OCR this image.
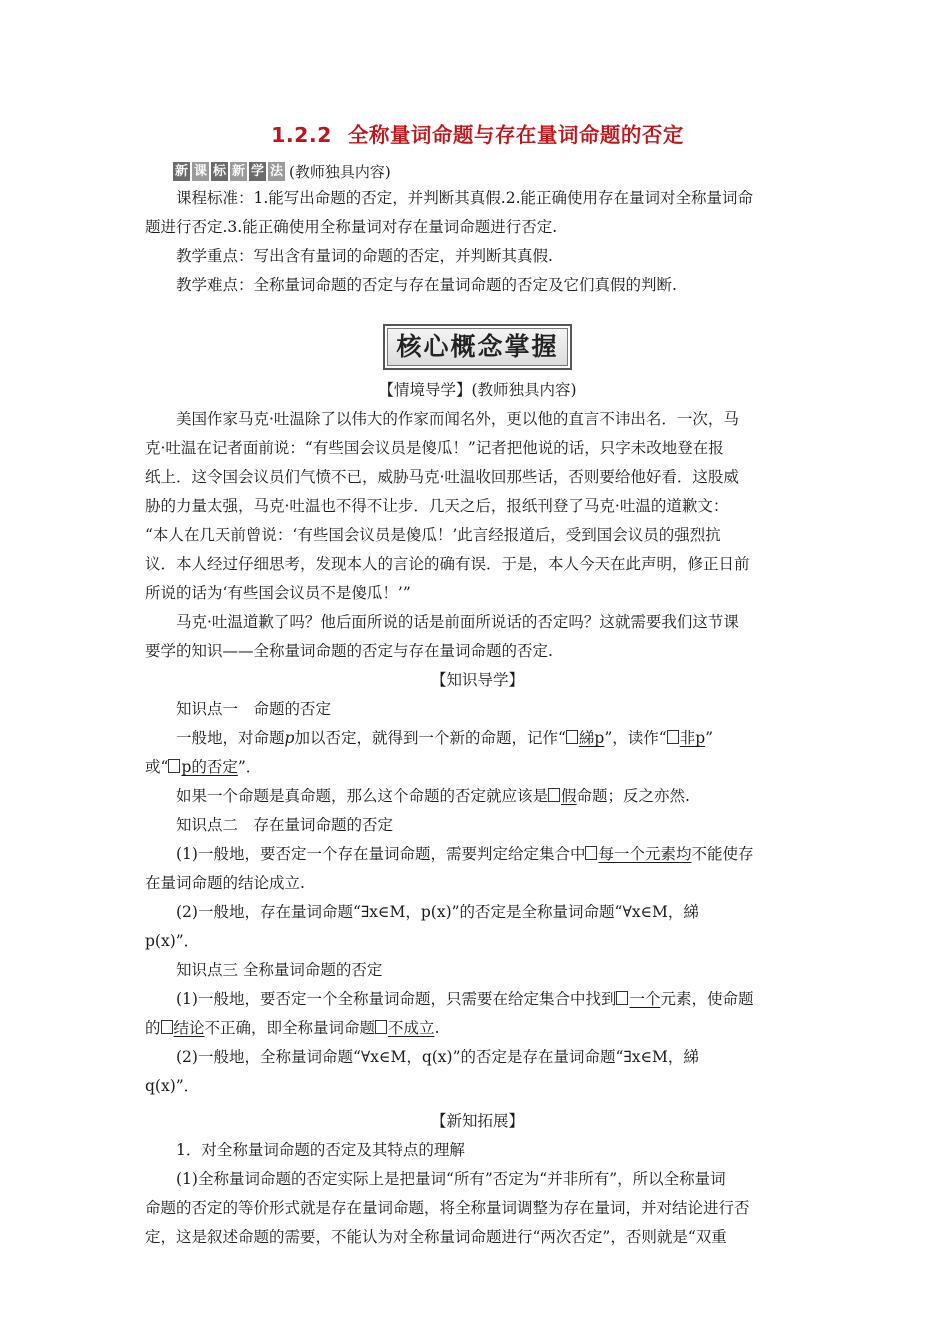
1.2.2 全称量词命题与存在量词命题的否定
新 课 标 新 学 法 (教师独具内容)

课程标准：1.能写出命题的否定，并判断其真假.2.能正确使用存在量词对全称量词命

题进行否定.3.能正确使用全称量词对存在量词命题进行否定.

教学重点：写出含有量词的命题的否定，并判断其真假.

教学难点：全称量词命题的否定与存在量词命题的否定及它们真假的判断.

核心概念掌握

【情境导学】(教师独具内容)

美国作家马克·吐温除了以伟大的作家而闻名外，更以他的直言不讳出名．一次，马

克·吐温在记者面前说：“有些国会议员是傻瓜！”记者把他说的话，只字未改地登在报

纸上．这令国会议员们气愤不已，威胁马克·吐温收回那些话，否则要给他好看．这股威

胁的力量太强，马克·吐温也不得不让步．几天之后，报纸刊登了马克·吐温的道歉文：

“本人在几天前曾说：‘有些国会议员是傻瓜！’此言经报道后，受到国会议员的强烈抗

议．本人经过仔细思考，发现本人的言论的确有误．于是，本人今天在此声明，修正日前

所说的话为‘有些国会议员不是傻瓜！’”

马克·吐温道歉了吗？他后面所说的话是前面所说话的否定吗？这就需要我们这节课

要学的知识——全称量词命题的否定与存在量词命题的否定.

【知识导学】

知识点一　命题的否定

一般地，对命题p加以否定，就得到一个新的命题，记作“ 綈p”，读作“ 非p”

或“ p的否定”．

如果一个命题是真命题，那么这个命题的否定就应该是 假命题；反之亦然.

知识点二　存在量词命题的否定

(1)一般地，要否定一个存在量词命题，需要判定给定集合中 每一个元素均不能使存

在量词命题的结论成立.

(2)一般地，存在量词命题“∃x∈M，p(x)”的否定是全称量词命题“∀x∈M，綈

p(x)”．

知识点三 全称量词命题的否定

(1)一般地，要否定一个全称量词命题，只需要在给定集合中找到 一个元素，使命题

的 结论不正确，即全称量词命题 不成立.

(2)一般地，全称量词命题“∀x∈M，q(x)”的否定是存在量词命题“∃x∈M，綈

q(x)”．

【新知拓展】

1．对全称量词命题的否定及其特点的理解

(1)全称量词命题的否定实际上是把量词“所有”否定为“并非所有”，所以全称量词

命题的否定的等价形式就是存在量词命题，将全称量词调整为存在量词，并对结论进行否

定，这是叙述命题的需要，不能认为对全称量词命题进行“两次否定”，否则就是“双重
